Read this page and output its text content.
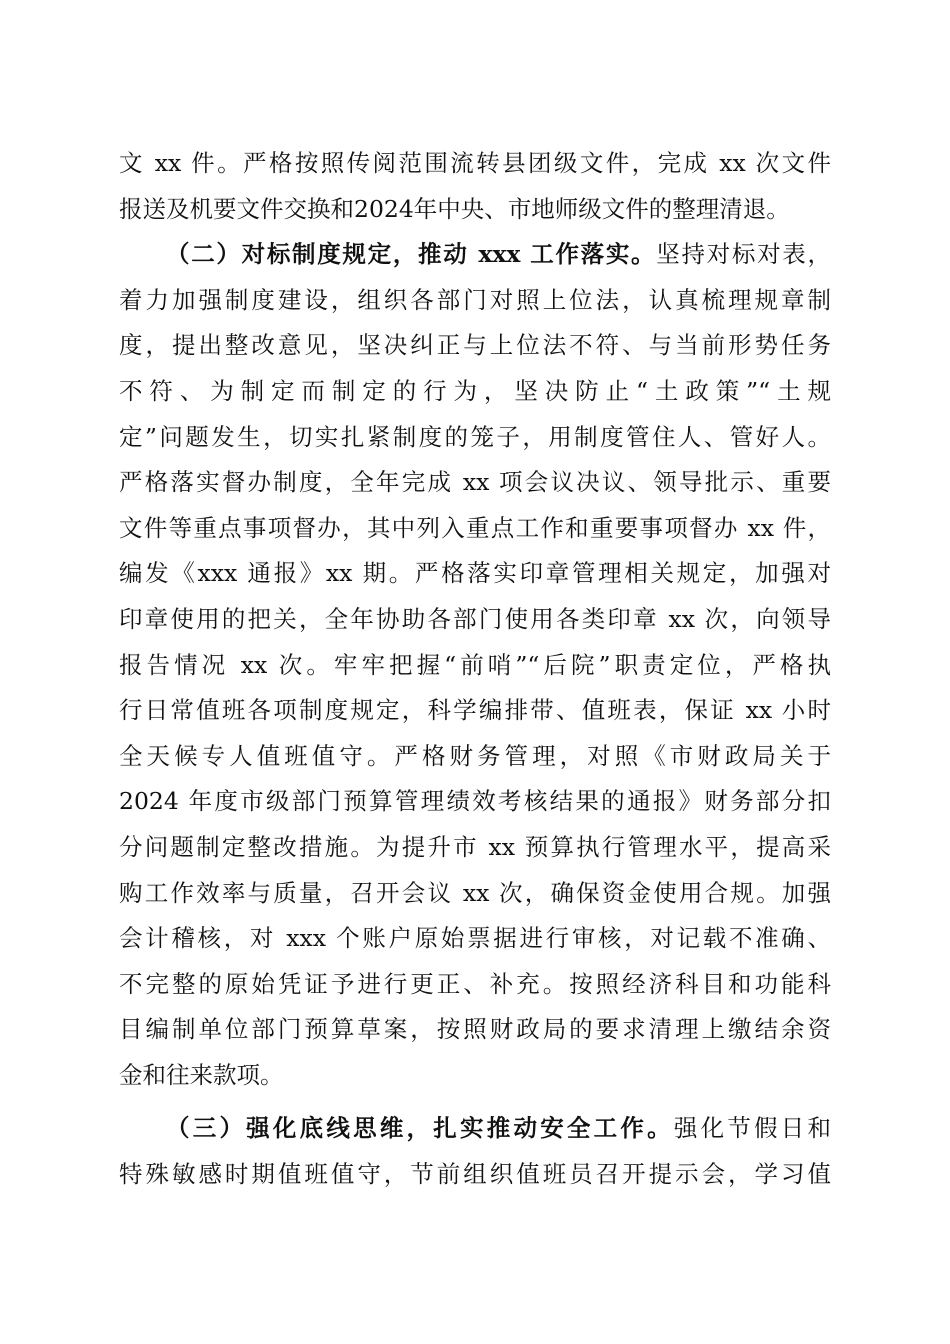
文 xx 件。严格按照传阅范围流转县团级文件，完成 xx 次文件
报送及机要文件交换和2024年中央、市地师级文件的整理清退。
（二）对标制度规定，推动 xxx 工作落实。坚持对标对表，
着力加强制度建设，组织各部门对照上位法，认真梳理规章制
度，提出整改意见，坚决纠正与上位法不符、与当前形势任务
不符、为制定而制定的行为，坚决防止“土政策”“土规
定”问题发生，切实扎紧制度的笼子，用制度管住人、管好人。
严格落实督办制度，全年完成 xx 项会议决议、领导批示、重要
文件等重点事项督办，其中列入重点工作和重要事项督办 xx 件，
编发《xxx 通报》xx 期。严格落实印章管理相关规定，加强对
印章使用的把关，全年协助各部门使用各类印章 xx 次，向领导
报告情况 xx 次。牢牢把握“前哨”“后院”职责定位，严格执
行日常值班各项制度规定，科学编排带、值班表，保证 xx 小时
全天候专人值班值守。严格财务管理，对照《市财政局关于
2024 年度市级部门预算管理绩效考核结果的通报》财务部分扣
分问题制定整改措施。为提升市 xx 预算执行管理水平，提高采
购工作效率与质量，召开会议 xx 次，确保资金使用合规。加强
会计稽核，对 xxx 个账户原始票据进行审核，对记载不准确、
不完整的原始凭证予进行更正、补充。按照经济科目和功能科
目编制单位部门预算草案，按照财政局的要求清理上缴结余资
金和往来款项。
（三）强化底线思维，扎实推动安全工作。强化节假日和
特殊敏感时期值班值守，节前组织值班员召开提示会，学习值
